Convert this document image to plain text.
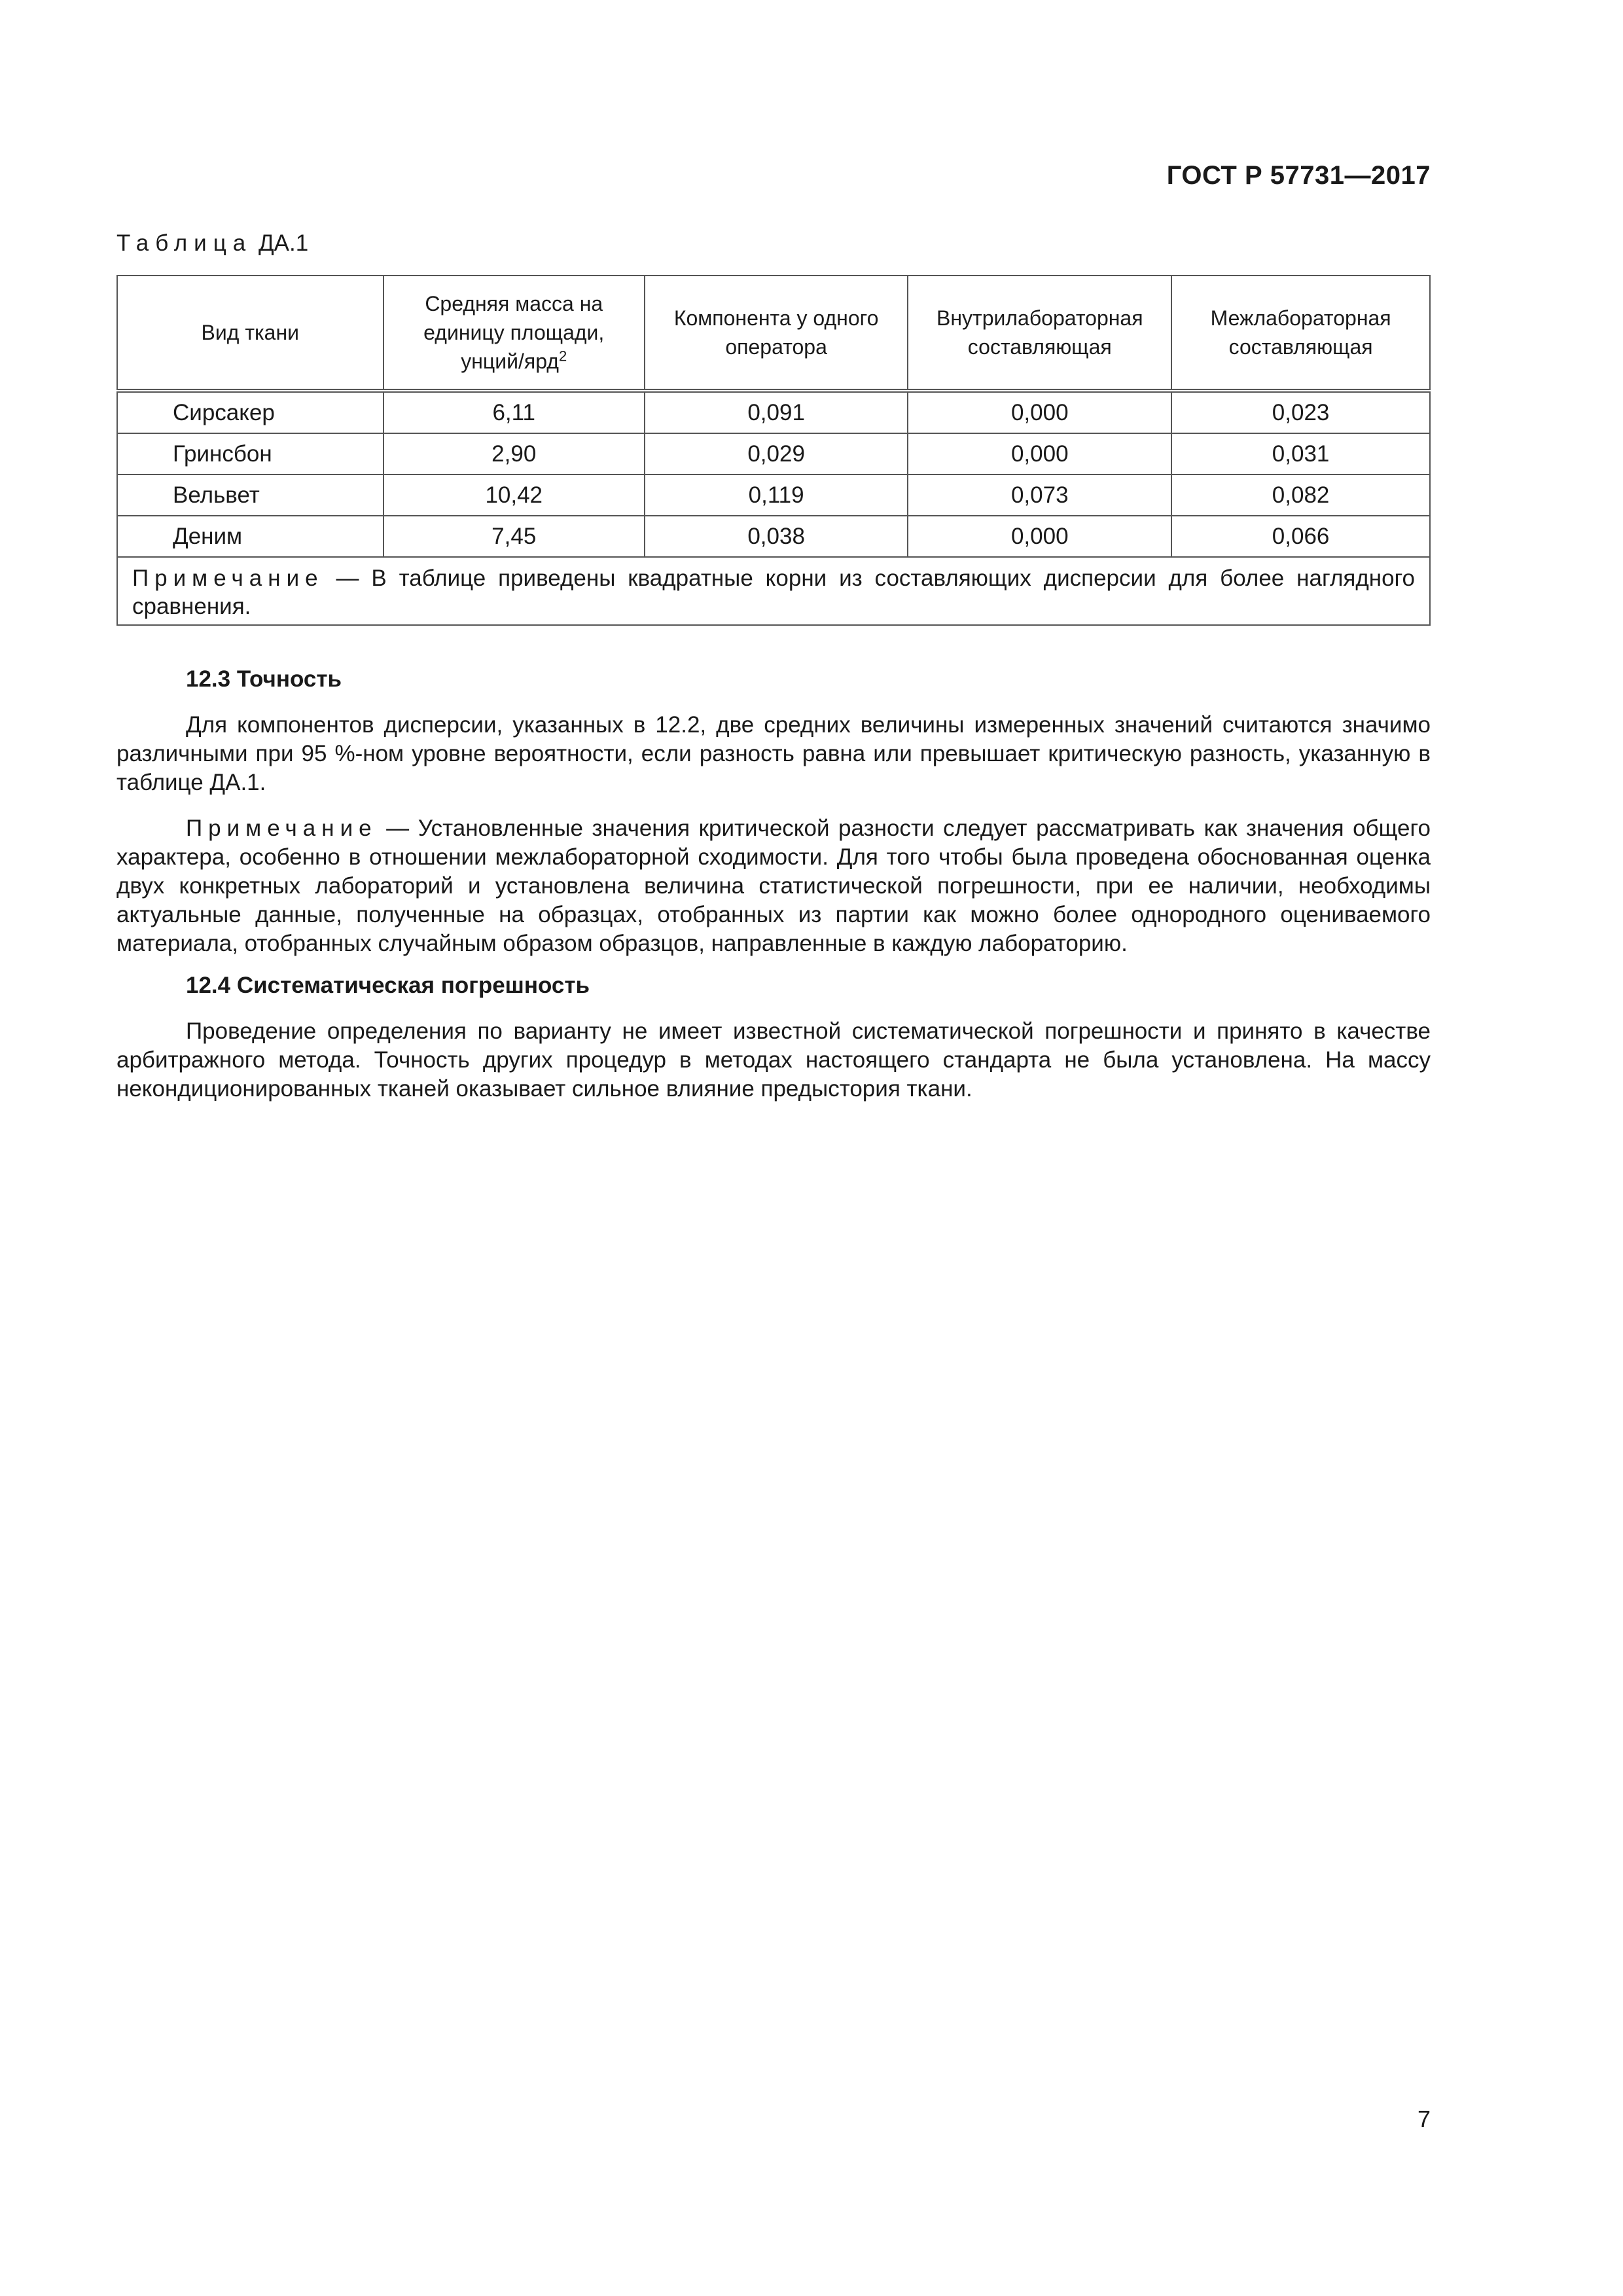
ГОСТ Р 57731—2017
Таблица ДА.1
Вид ткани	Средняя масса на единицу площади, унций/ярд$^2$	Компонента у одного оператора	Внутрилабораторная составляющая	Межлабораторная составляющая
Сирсакер	6,11	0,091	0,000	0,023
Гринсбон	2,90	0,029	0,000	0,031
Вельвет	10,42	0,119	0,073	0,082
Деним	7,45	0,038	0,000	0,066
Примечание — В таблице приведены квадратные корни из составляющих дисперсии для более наглядного сравнения.				
12.3 Точность
Для компонентов дисперсии, указанных в 12.2, две средних величины измеренных значений считаются значимо различными при 95 %-ном уровне вероятности, если разность равна или превышает критическую разность, указанную в таблице ДА.1.
Примечание — Установленные значения критической разности следует рассматривать как значения общего характера, особенно в отношении межлабораторной сходимости. Для того чтобы была проведена обоснованная оценка двух конкретных лабораторий и установлена величина статистической погрешности, при ее наличии, необходимы актуальные данные, полученные на образцах, отобранных из партии как можно более однородного оцениваемого материала, отобранных случайным образом образцов, направленные в каждую лабораторию.
12.4 Систематическая погрешность
Проведение определения по варианту не имеет известной систематической погрешности и принято в качестве арбитражного метода. Точность других процедур в методах настоящего стандарта не была установлена. На массу некондиционированных тканей оказывает сильное влияние предыстория ткани.
7
